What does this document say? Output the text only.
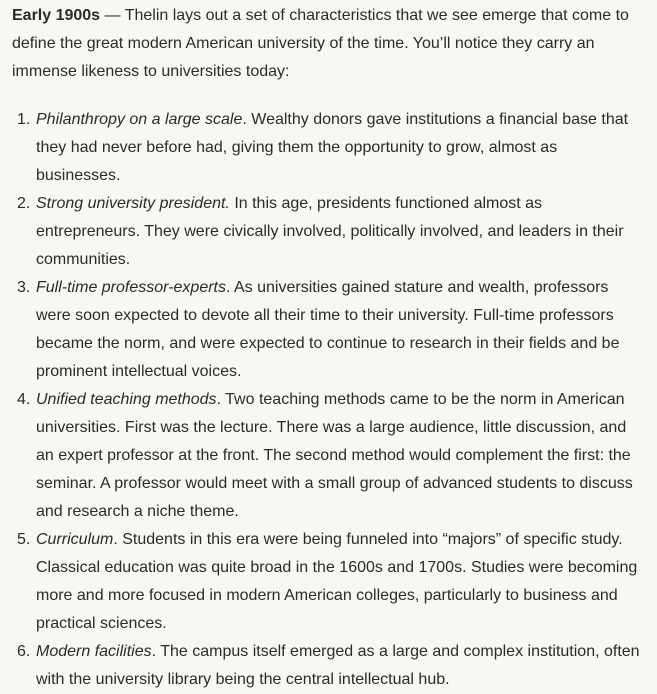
Early 1900s — Thelin lays out a set of characteristics that we see emerge that come to define the great modern American university of the time. You’ll notice they carry an immense likeness to universities today:

1. Philanthropy on a large scale. Wealthy donors gave institutions a financial base that they had never before had, giving them the opportunity to grow, almost as businesses.
2. Strong university president. In this age, presidents functioned almost as entrepreneurs. They were civically involved, politically involved, and leaders in their communities.
3. Full-time professor-experts. As universities gained stature and wealth, professors were soon expected to devote all their time to their university. Full-time professors became the norm, and were expected to continue to research in their fields and be prominent intellectual voices.
4. Unified teaching methods. Two teaching methods came to be the norm in American universities. First was the lecture. There was a large audience, little discussion, and an expert professor at the front. The second method would complement the first: the seminar. A professor would meet with a small group of advanced students to discuss and research a niche theme.
5. Curriculum. Students in this era were being funneled into “majors” of specific study. Classical education was quite broad in the 1600s and 1700s. Studies were becoming more and more focused in modern American colleges, particularly to business and practical sciences.
6. Modern facilities. The campus itself emerged as a large and complex institution, often with the university library being the central intellectual hub.
